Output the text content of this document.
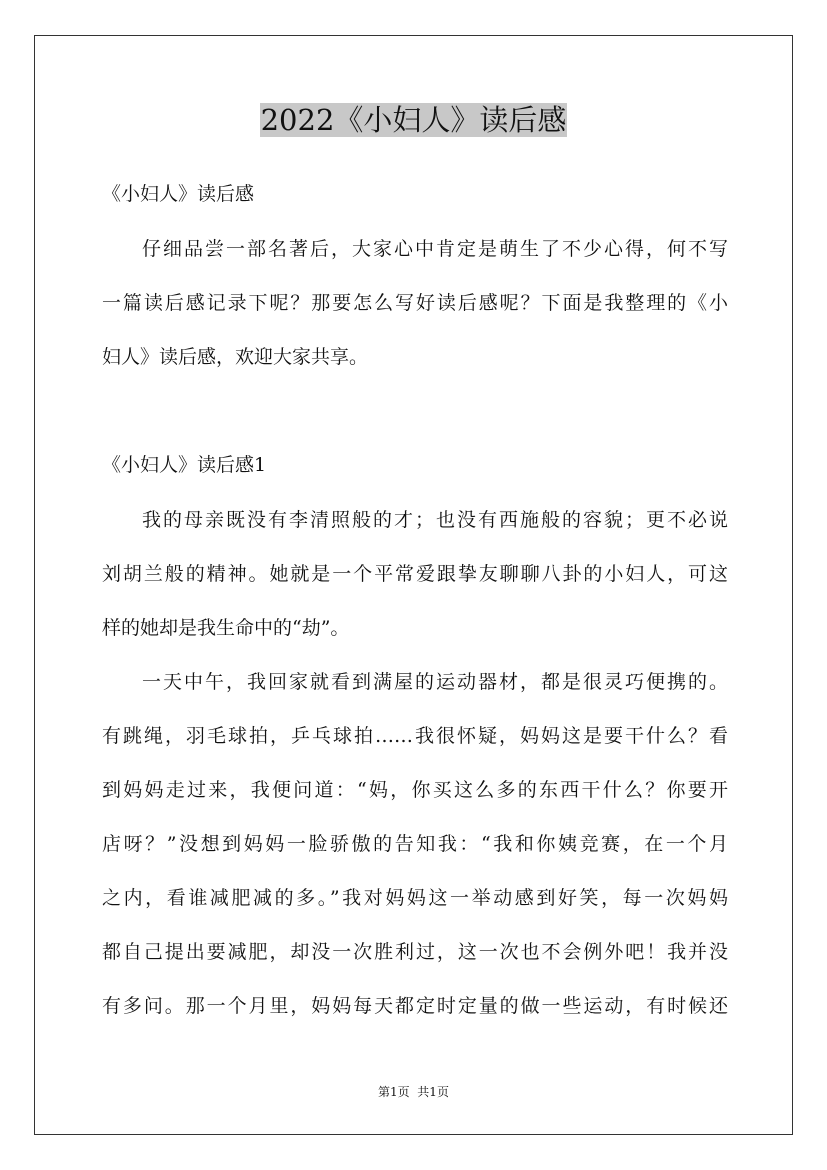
2022《小妇人》读后感

《小妇人》读后感

仔细品尝一部名著后，大家心中肯定是萌生了不少心得，何不写

一篇读后感记录下呢？那要怎么写好读后感呢？下面是我整理的《小

妇人》读后感，欢迎大家共享。

《小妇人》读后感1

我的母亲既没有李清照般的才；也没有西施般的容貌；更不必说

刘胡兰般的精神。她就是一个平常爱跟挚友聊聊八卦的小妇人，可这

样的她却是我生命中的“劫”。

一天中午，我回家就看到满屋的运动器材，都是很灵巧便携的。

有跳绳，羽毛球拍，乒乓球拍……我很怀疑，妈妈这是要干什么？看

到妈妈走过来，我便问道：“妈，你买这么多的东西干什么？你要开

店呀？”没想到妈妈一脸骄傲的告知我：“我和你姨竞赛，在一个月

之内，看谁减肥减的多。”我对妈妈这一举动感到好笑，每一次妈妈

都自己提出要减肥，却没一次胜利过，这一次也不会例外吧！我并没

有多问。那一个月里，妈妈每天都定时定量的做一些运动，有时候还

第1页  共1页
